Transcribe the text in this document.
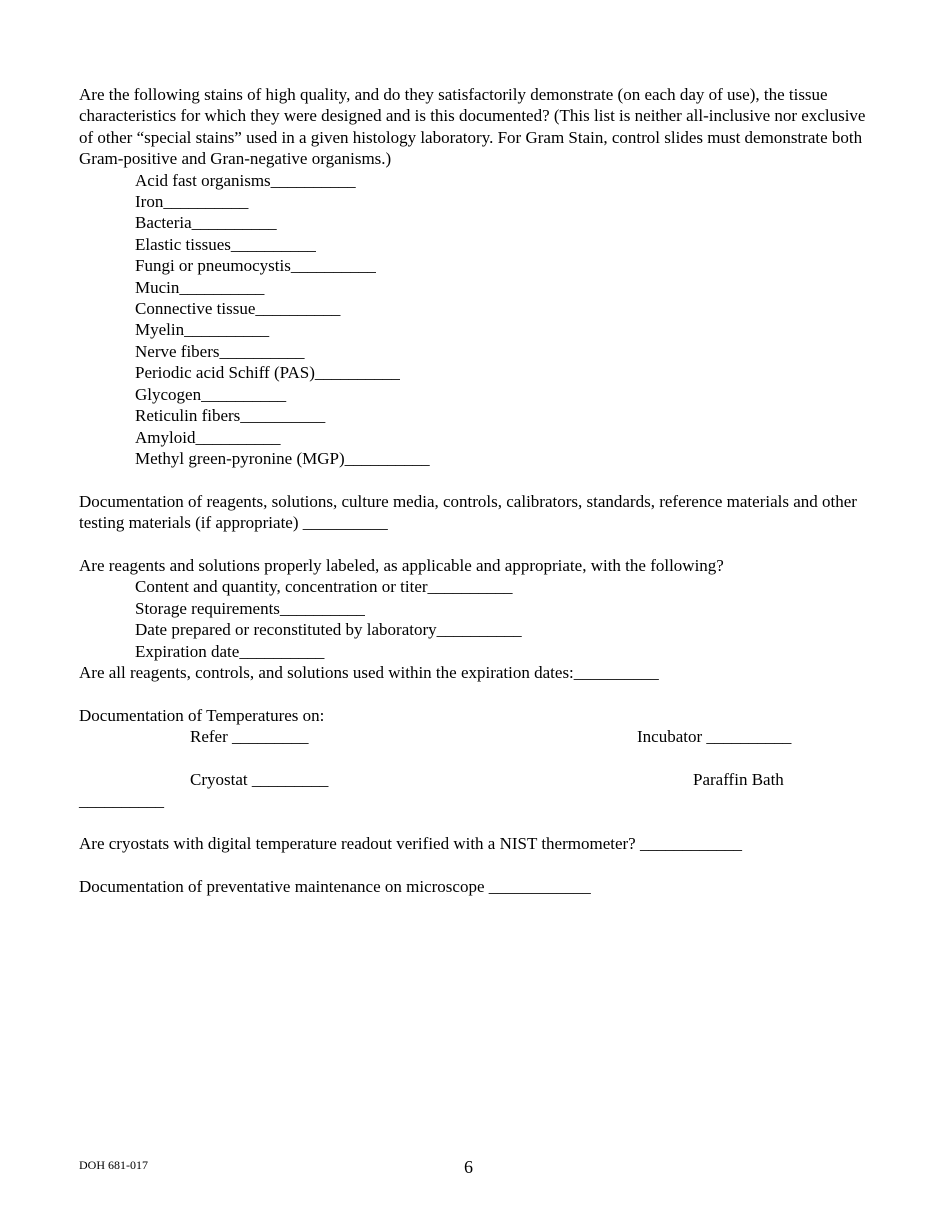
Are the following stains of high quality, and do they satisfactorily demonstrate (on each day of use), the tissue characteristics for which they were designed and is this documented? (This list is neither all-inclusive nor exclusive of other “special stains” used in a given histology laboratory. For Gram Stain, control slides must demonstrate both Gram-positive and Gran-negative organisms.)
Acid fast organisms__________
Iron__________
Bacteria__________
Elastic tissues__________
Fungi or pneumocystis__________
Mucin__________
Connective tissue__________
Myelin__________
Nerve fibers__________
Periodic acid Schiff (PAS)__________
Glycogen__________
Reticulin fibers__________
Amyloid__________
Methyl green-pyronine (MGP)__________
Documentation of reagents, solutions, culture media, controls, calibrators, standards, reference materials and other testing materials (if appropriate) __________
Are reagents and solutions properly labeled, as applicable and appropriate, with the following?
Content and quantity, concentration or titer__________
Storage requirements__________
Date prepared or reconstituted by laboratory__________
Expiration date__________
Are all reagents, controls, and solutions used within the expiration dates:__________
Documentation of Temperatures on:
Refer _________	Incubator __________
Cryostat _________	Paraffin Bath
__________
Are cryostats with digital temperature readout verified with a NIST thermometer? ____________
Documentation of preventative maintenance on microscope ____________
DOH 681-017	6
